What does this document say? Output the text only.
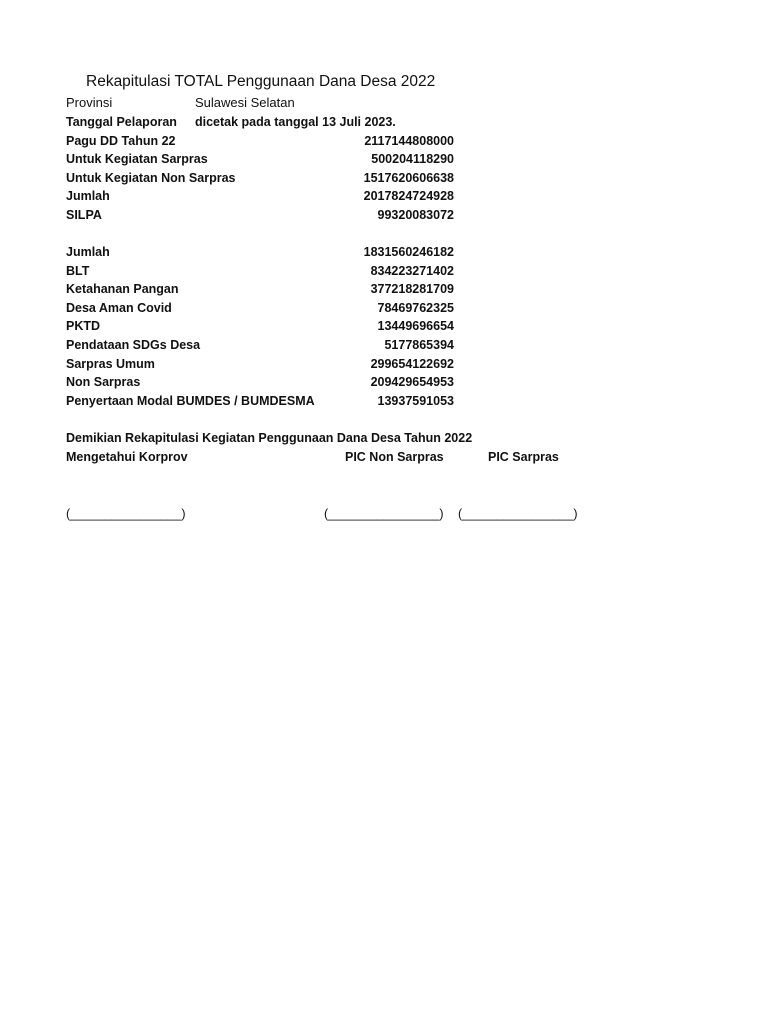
Rekapitulasi TOTAL Penggunaan Dana Desa 2022
Provinsi	Sulawesi Selatan
Tanggal Pelaporan dicetak pada tanggal 13 Juli 2023.
Pagu DD Tahun 22	2117144808000
Untuk Kegiatan Sarpras	500204118290
Untuk Kegiatan Non Sarpras	1517620606638
Jumlah	2017824724928
SILPA	99320083072
Jumlah	1831560246182
BLT	834223271402
Ketahanan Pangan	377218281709
Desa Aman Covid	78469762325
PKTD	13449696654
Pendataan SDGs Desa	5177865394
Sarpras Umum	299654122692
Non Sarpras	209429654953
Penyertaan Modal BUMDES / BUMDESMA	13937591053
Demikian Rekapitulasi Kegiatan Penggunaan Dana Desa Tahun 2022
Mengetahui Korprov	PIC Non Sarpras	PIC Sarpras
(________________)	(________________) (________________)
